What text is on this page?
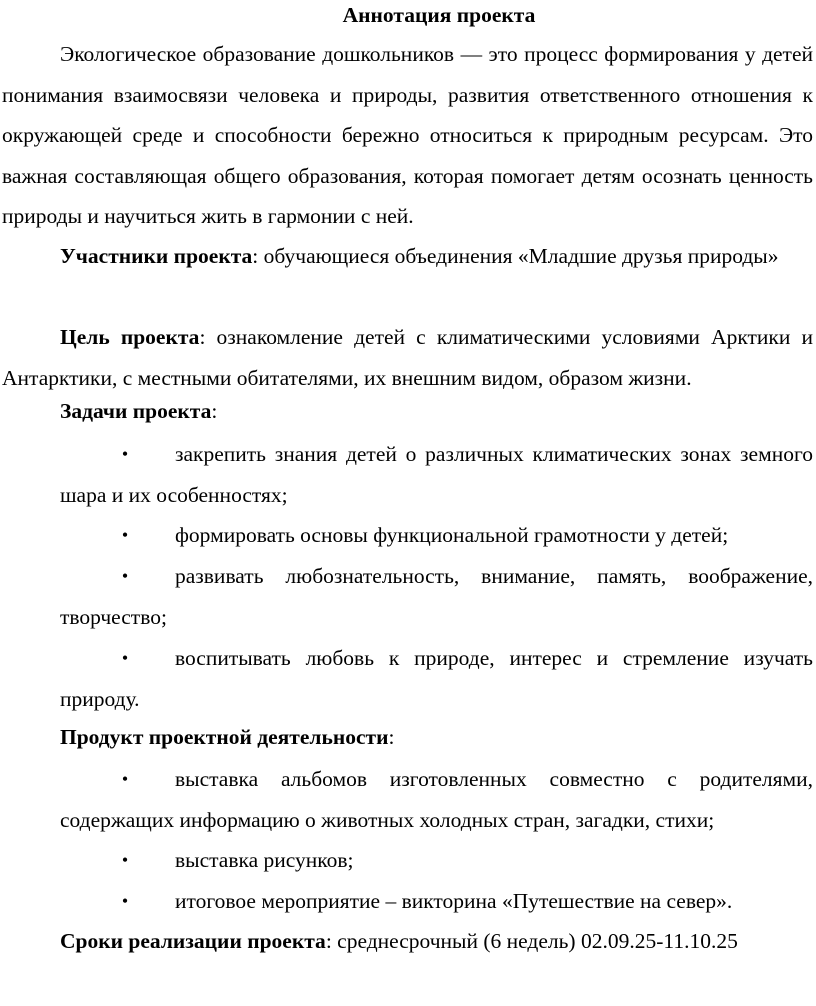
Аннотация проекта

Экологическое образование дошкольников — это процесс формирования у детей понимания взаимосвязи человека и природы, развития ответственного отношения к окружающей среде и способности бережно относиться к природным ресурсам. Это важная составляющая общего образования, которая помогает детям осознать ценность природы и научиться жить в гармонии с ней.

Участники проекта: обучающиеся объединения «Младшие друзья природы»

Цель проекта: ознакомление детей с климатическими условиями Арктики и Антарктики, с местными обитателями, их внешним видом, образом жизни.

Задачи проекта:

•	закрепить знания детей о различных климатических зонах земного шара и их особенностях;
•	формировать основы функциональной грамотности у детей;
•	развивать любознательность, внимание, память, воображение, творчество;
•	воспитывать любовь к природе, интерес и стремление изучать природу.

Продукт проектной деятельности:

•	выставка альбомов изготовленных совместно с родителями, содержащих информацию о животных холодных стран, загадки, стихи;
•	выставка рисунков;
•	итоговое мероприятие – викторина «Путешествие на север».

Сроки реализации проекта: среднесрочный (6 недель) 02.09.25-11.10.25
